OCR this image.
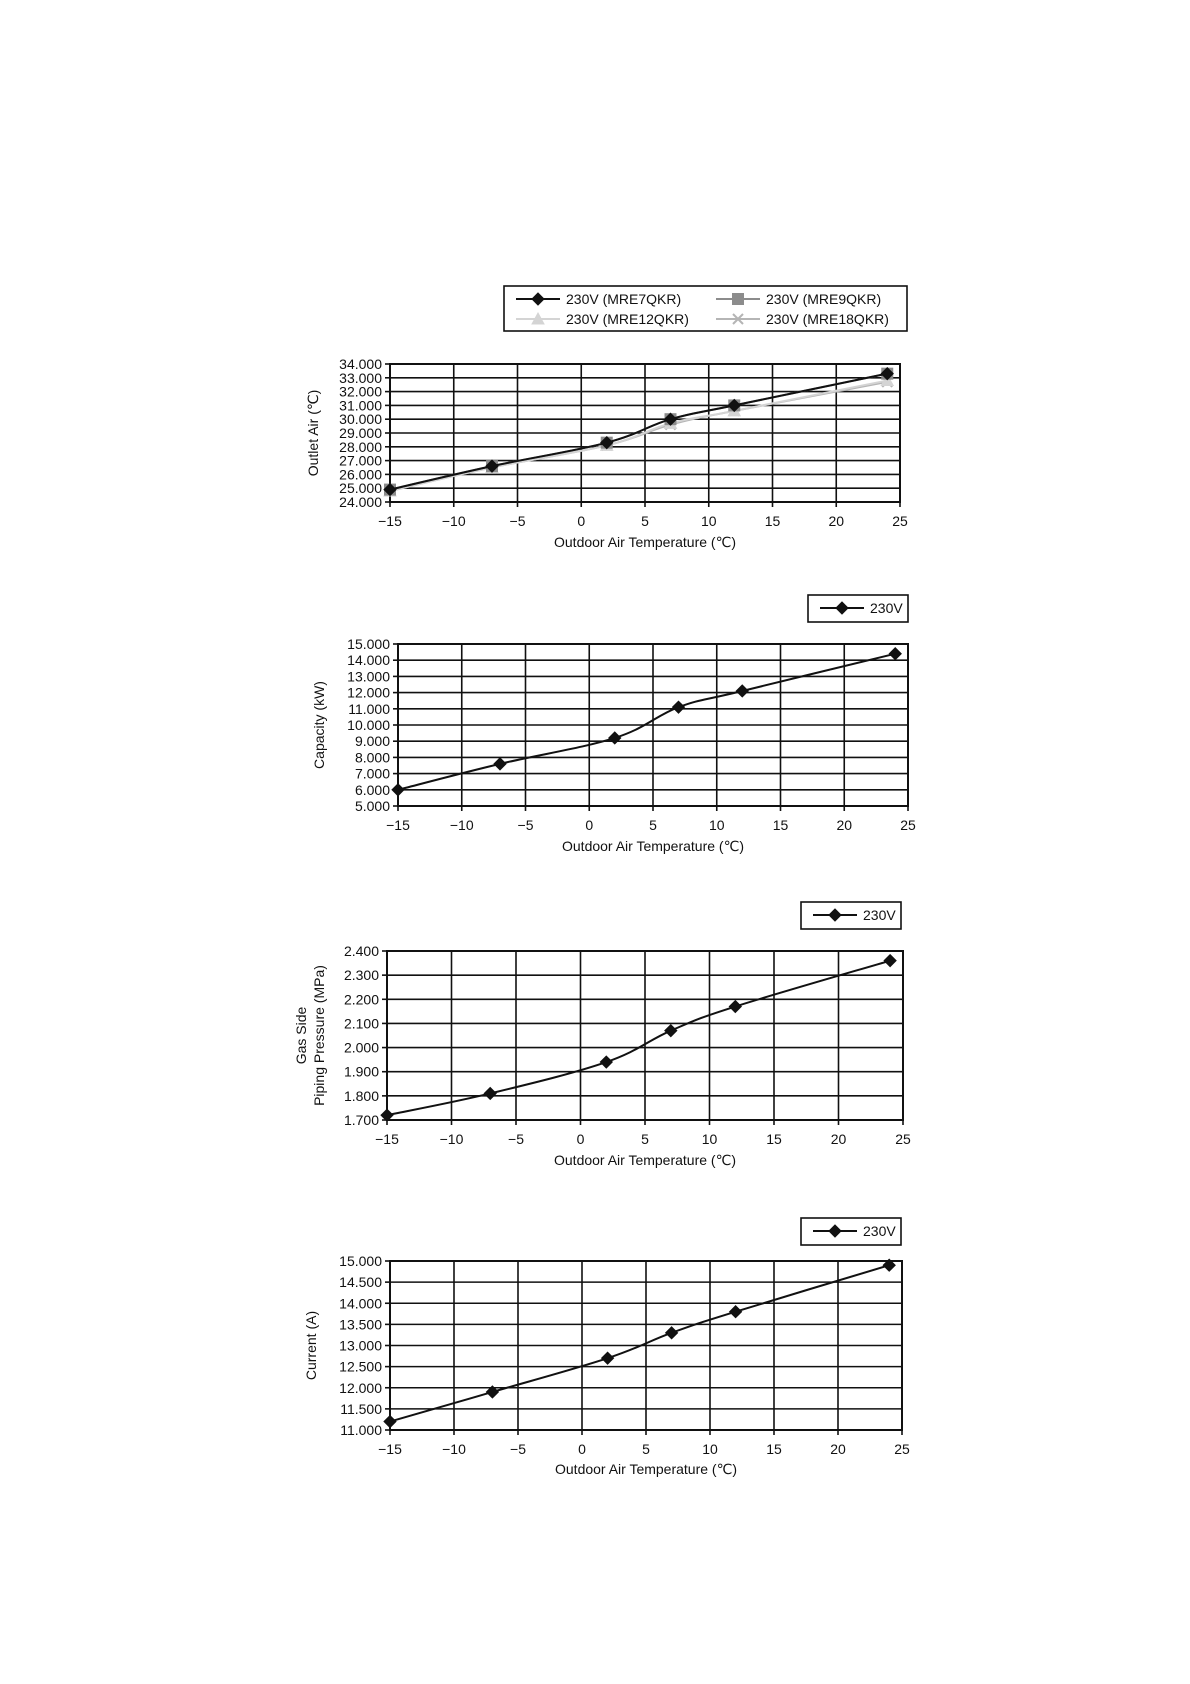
24.000
25.000
26.000
27.000
28.000
29.000
30.000
31.000
32.000
33.000
34.000
−15	−10	−5	0	5	10	15	20	25
Outdoor Air Temperature (℃)
Outlet Air (℃)
230V (MRE7QKR)	230V (MRE9QKR)
230V (MRE12QKR)	230V (MRE18QKR)
5.000
6.000
7.000
8.000
9.000
10.000
11.000
12.000
13.000
14.000
15.000
−15	−10	−5	0	5	10	15	20	25
Outdoor Air Temperature (℃)
Capacity (kW)
230V
1.700
1.800
1.900
2.000
2.100
2.200
2.300
2.400
−15	−10	−5	0	5	10	15	20	25
Outdoor Air Temperature (℃)
Gas Side Piping Pressure (MPa)
230V
11.000
11.500
12.000
12.500
13.000
13.500
14.000
14.500
15.000
−15	−10	−5	0	5	10	15	20	25
Outdoor Air Temperature (℃)
Current (A)
230V
